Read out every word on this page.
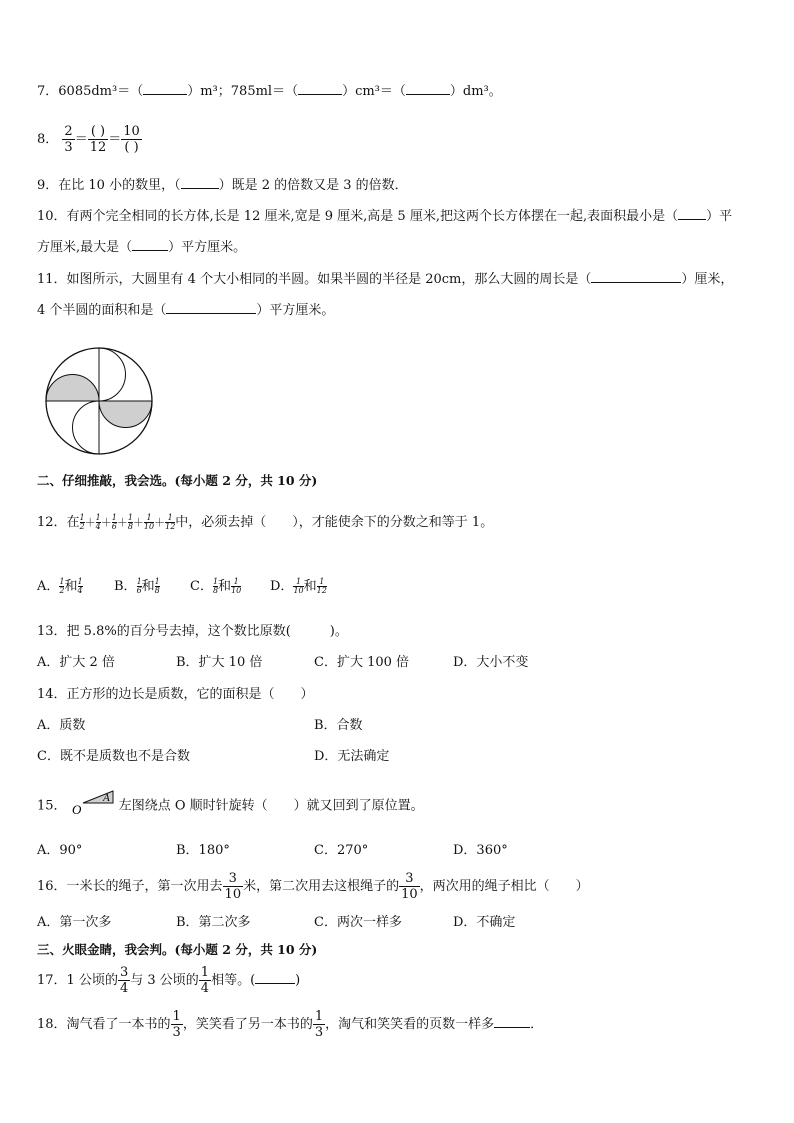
7．6085dm³＝（	）m³；785ml＝（	）cm³＝（	）dm³。
8． $\frac{2}{3} = \frac{( )}{12} = \frac{10}{( )}$
9．在比 10 小的数里，（	）既是 2 的倍数又是 3 的倍数．
10．有两个完全相同的长方体,长是 12 厘米,宽是 9 厘米,高是 5 厘米,把这两个长方体摆在一起,表面积最小是（ ）平
方厘米,最大是（	）平方厘米。
11．如图所示，大圆里有 4 个大小相同的半圆。如果半圆的半径是 20cm，那么大圆的周长是（	）厘米，
4 个半圆的面积和是（	）平方厘米。
二、仔细推敲，我会选。(每小题 2 分，共 10 分)
12．在 $\frac{1}{2} + \frac{1}{4} + \frac{1}{6} + \frac{1}{8} + \frac{1}{10} + \frac{1}{12}$ 中，必须去掉（　　），才能使余下的分数之和等于 1。
A． $\frac{1}{2}$ 和 $\frac{1}{4}$ B． $\frac{1}{6}$ 和 $\frac{1}{8}$ C． $\frac{1}{8}$ 和 $\frac{1}{10}$ D． $\frac{1}{10}$ 和 $\frac{1}{12}$
13．把 5.8%的百分号去掉，这个数比原数(　　　)。
A．扩大 2 倍	B．扩大 10 倍	C．扩大 100 倍	D．大小不变
14．正方形的边长是质数，它的面积是（　　）
A．质数	B．合数
C．既不是质数也不是合数	D．无法确定
15． O
A
左图绕点 O 顺时针旋转（　　）就又回到了原位置。
A．90°	B．180°	C．270°	D．360°
16．一米长的绳子，第一次用去 $\frac{3}{10}$ 米，第二次用去这根绳子的 $\frac{3}{10}$ ，两次用的绳子相比（　　）
A．第一次多	B．第二次多	C．两次一样多	D．不确定
三、火眼金睛，我会判。(每小题 2 分，共 10 分)
17．1 公顷的 $\frac{3}{4}$ 与 3 公顷的 $\frac{1}{4}$ 相等。(	)
18．淘气看了一本书的 $\frac{1}{3}$ ，笑笑看了另一本书的 $\frac{1}{3}$ ，淘气和笑笑看的页数一样多	．
